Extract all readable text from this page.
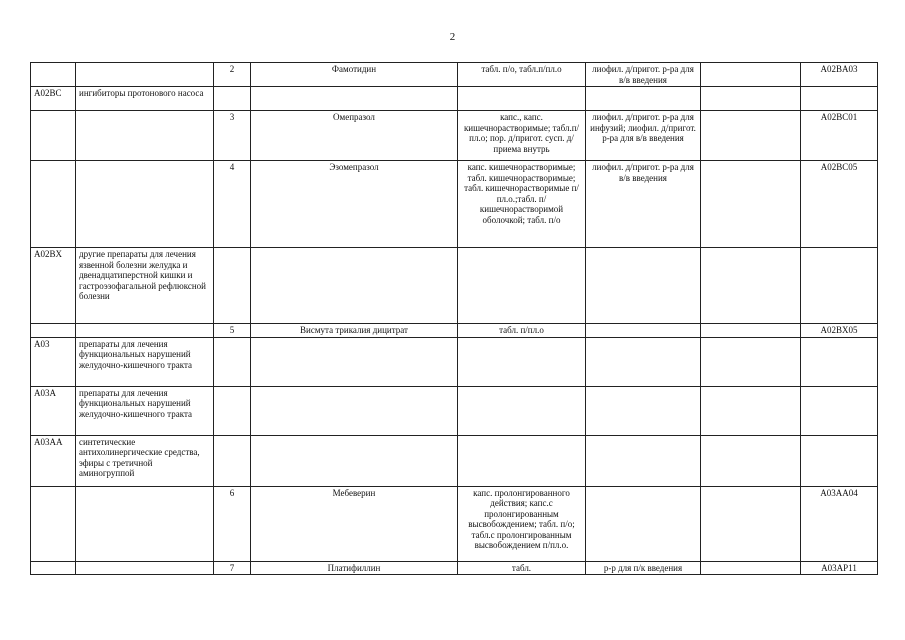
2
		2	Фамотидин	табл. п/о, табл.п/пл.о	лиофил. д/пригот. р-ра для в/в введения		A02BA03
A02BC	ингибиторы протонового насоса						
		3	Омепразол	капс., капс. кишечнорастворимые; табл.п/пл.о; пор. д/пригот. сусп. д/приема внутрь	лиофил. д/пригот. р-ра для инфузий; лиофил. д/пригот. р-ра для в/в введения		A02BC01
		4	Эзомепразол	капс. кишечнорастворимые; табл. кишечнорастворимые; табл. кишечнорастворимые п/пл.о.;табл. п/кишечнорастворимой оболочкой; табл. п/о	лиофил. д/пригот. р-ра для в/в введения		A02BC05
A02BX	другие препараты для лечения язвенной болезни желудка и двенадцатиперстной кишки и гастроэзофагальной рефлюксной болезни						
		5	Висмута трикалия дицитрат	табл. п/пл.о			A02BX05
A03	препараты для лечения функциональных нарушений желудочно-кишечного тракта						
A03A	препараты для лечения функциональных нарушений желудочно-кишечного тракта						
A03AA	синтетические антихолинергические средства, эфиры с третичной аминогруппой						
		6	Мебеверин	капс. пролонгированного действия; капс.с пролонгированным высвобождением; табл. п/о; табл.с пролонгированным высвобождением п/пл.о.			A03AA04
		7	Платифиллин	табл.	р-р для п/к введения		A03AP11
